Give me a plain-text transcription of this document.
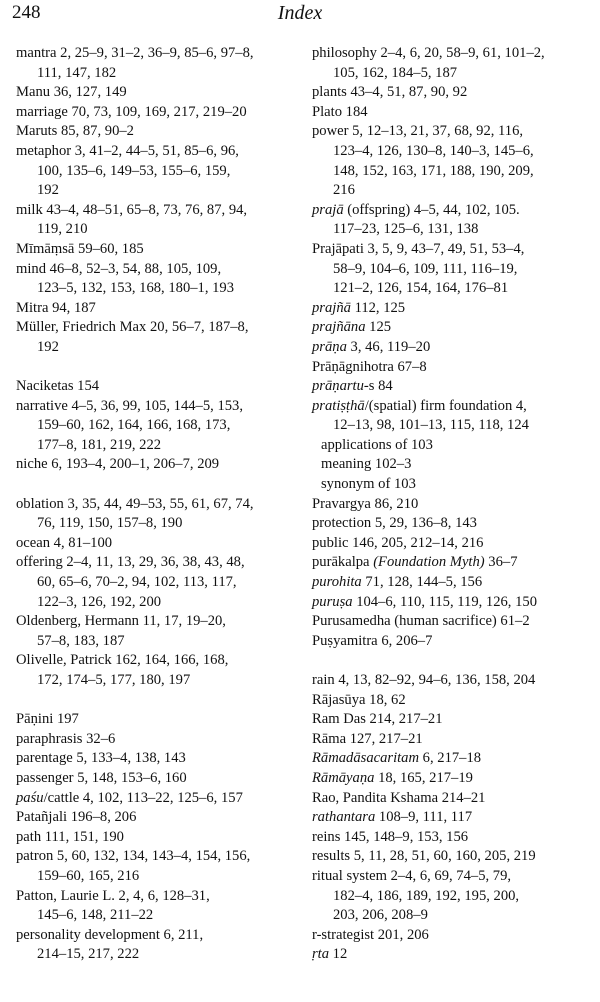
248	Index
mantra 2, 25–9, 31–2, 36–9, 85–6, 97–8,
111, 147, 182
Manu 36, 127, 149
marriage 70, 73, 109, 169, 217, 219–20
Maruts 85, 87, 90–2
metaphor 3, 41–2, 44–5, 51, 85–6, 96,
100, 135–6, 149–53, 155–6, 159,
192
milk 43–4, 48–51, 65–8, 73, 76, 87, 94,
119, 210
Mīmāṃsā 59–60, 185
mind 46–8, 52–3, 54, 88, 105, 109,
123–5, 132, 153, 168, 180–1, 193
Mitra 94, 187
Müller, Friedrich Max 20, 56–7, 187–8,
192
Naciketas 154
narrative 4–5, 36, 99, 105, 144–5, 153,
159–60, 162, 164, 166, 168, 173,
177–8, 181, 219, 222
niche 6, 193–4, 200–1, 206–7, 209
oblation 3, 35, 44, 49–53, 55, 61, 67, 74,
76, 119, 150, 157–8, 190
ocean 4, 81–100
offering 2–4, 11, 13, 29, 36, 38, 43, 48,
60, 65–6, 70–2, 94, 102, 113, 117,
122–3, 126, 192, 200
Oldenberg, Hermann 11, 17, 19–20,
57–8, 183, 187
Olivelle, Patrick 162, 164, 166, 168,
172, 174–5, 177, 180, 197
Pāṇini 197
paraphrasis 32–6
parentage 5, 133–4, 138, 143
passenger 5, 148, 153–6, 160
paśu/cattle 4, 102, 113–22, 125–6, 157
Patañjali 196–8, 206
path 111, 151, 190
patron 5, 60, 132, 134, 143–4, 154, 156,
159–60, 165, 216
Patton, Laurie L. 2, 4, 6, 128–31,
145–6, 148, 211–22
personality development 6, 211,
214–15, 217, 222
philosophy 2–4, 6, 20, 58–9, 61, 101–2,
105, 162, 184–5, 187
plants 43–4, 51, 87, 90, 92
Plato 184
power 5, 12–13, 21, 37, 68, 92, 116,
123–4, 126, 130–8, 140–3, 145–6,
148, 152, 163, 171, 188, 190, 209,
216
prajā (offspring) 4–5, 44, 102, 105.
117–23, 125–6, 131, 138
Prajāpati 3, 5, 9, 43–7, 49, 51, 53–4,
58–9, 104–6, 109, 111, 116–19,
121–2, 126, 154, 164, 176–81
prajñā 112, 125
prajñāna 125
prāṇa 3, 46, 119–20
Prāṇāgnihotra 67–8
prāṇartu-s 84
pratiṣṭhā/(spatial) firm foundation 4,
12–13, 98, 101–13, 115, 118, 124
applications of 103
meaning 102–3
synonym of 103
Pravargya 86, 210
protection 5, 29, 136–8, 143
public 146, 205, 212–14, 216
purākalpa (Foundation Myth) 36–7
purohita 71, 128, 144–5, 156
puruṣa 104–6, 110, 115, 119, 126, 150
Purusamedha (human sacrifice) 61–2
Puṣyamitra 6, 206–7
rain 4, 13, 82–92, 94–6, 136, 158, 204
Rājasūya 18, 62
Ram Das 214, 217–21
Rāma 127, 217–21
Rāmadāsacaritam 6, 217–18
Rāmāyaṇa 18, 165, 217–19
Rao, Pandita Kshama 214–21
rathantara 108–9, 111, 117
reins 145, 148–9, 153, 156
results 5, 11, 28, 51, 60, 160, 205, 219
ritual system 2–4, 6, 69, 74–5, 79,
182–4, 186, 189, 192, 195, 200,
203, 206, 208–9
r-strategist 201, 206
ṛta 12
